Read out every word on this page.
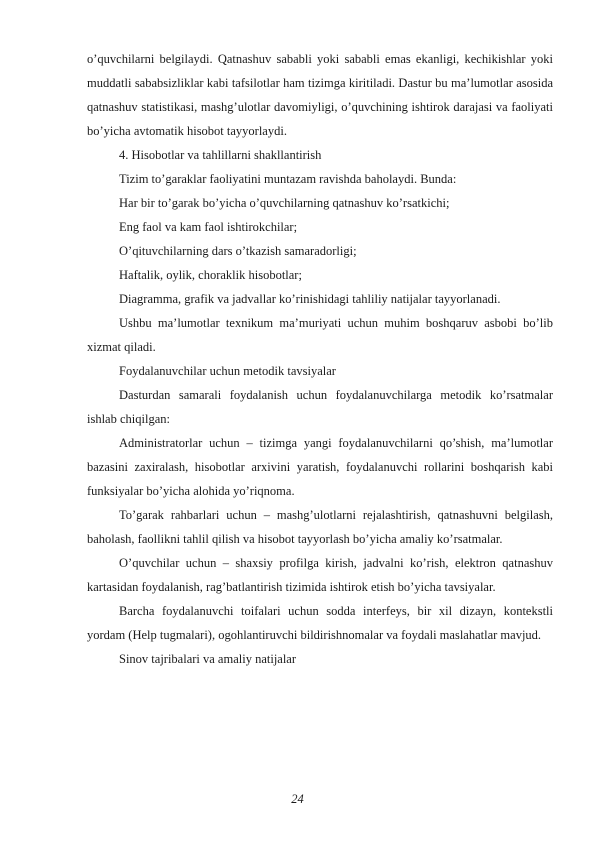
o’quvchilarni belgilaydi. Qatnashuv sababli yoki sababli emas ekanligi, kechikishlar yoki muddatli sababsizliklar kabi tafsilotlar ham tizimga kiritiladi. Dastur bu ma’lumotlar asosida qatnashuv statistikasi, mashg’ulotlar davomiyligi, o’quvchining ishtirok darajasi va faoliyati bo’yicha avtomatik hisobot tayyorlaydi.

4. Hisobotlar va tahlillarni shakllantirish

Tizim to’garaklar faoliyatini muntazam ravishda baholaydi. Bunda:

Har bir to’garak bo’yicha o’quvchilarning qatnashuv ko’rsatkichi;

Eng faol va kam faol ishtirokchilar;

O’qituvchilarning dars o’tkazish samaradorligi;

Haftalik, oylik, choraklik hisobotlar;

Diagramma, grafik va jadvallar ko’rinishidagi tahliliy natijalar tayyorlanadi.

Ushbu ma’lumotlar texnikum ma’muriyati uchun muhim boshqaruv asbobi bo’lib xizmat qiladi.

Foydalanuvchilar uchun metodik tavsiyalar

Dasturdan samarali foydalanish uchun foydalanuvchilarga metodik ko’rsatmalar ishlab chiqilgan:

Administratorlar uchun – tizimga yangi foydalanuvchilarni qo’shish, ma’lumotlar bazasini zaxiralash, hisobotlar arxivini yaratish, foydalanuvchi rollarini boshqarish kabi funksiyalar bo’yicha alohida yo’riqnoma.

To’garak rahbarlari uchun – mashg’ulotlarni rejalashtirish, qatnashuvni belgilash, baholash, faollikni tahlil qilish va hisobot tayyorlash bo’yicha amaliy ko’rsatmalar.

O’quvchilar uchun – shaxsiy profilga kirish, jadvalni ko’rish, elektron qatnashuv kartasidan foydalanish, rag’batlantirish tizimida ishtirok etish bo’yicha tavsiyalar.

Barcha foydalanuvchi toifalari uchun sodda interfeys, bir xil dizayn, kontekstli yordam (Help tugmalari), ogohlantiruvchi bildirishnomalar va foydali maslahatlar mavjud.

Sinov tajribalari va amaliy natijalar

24
